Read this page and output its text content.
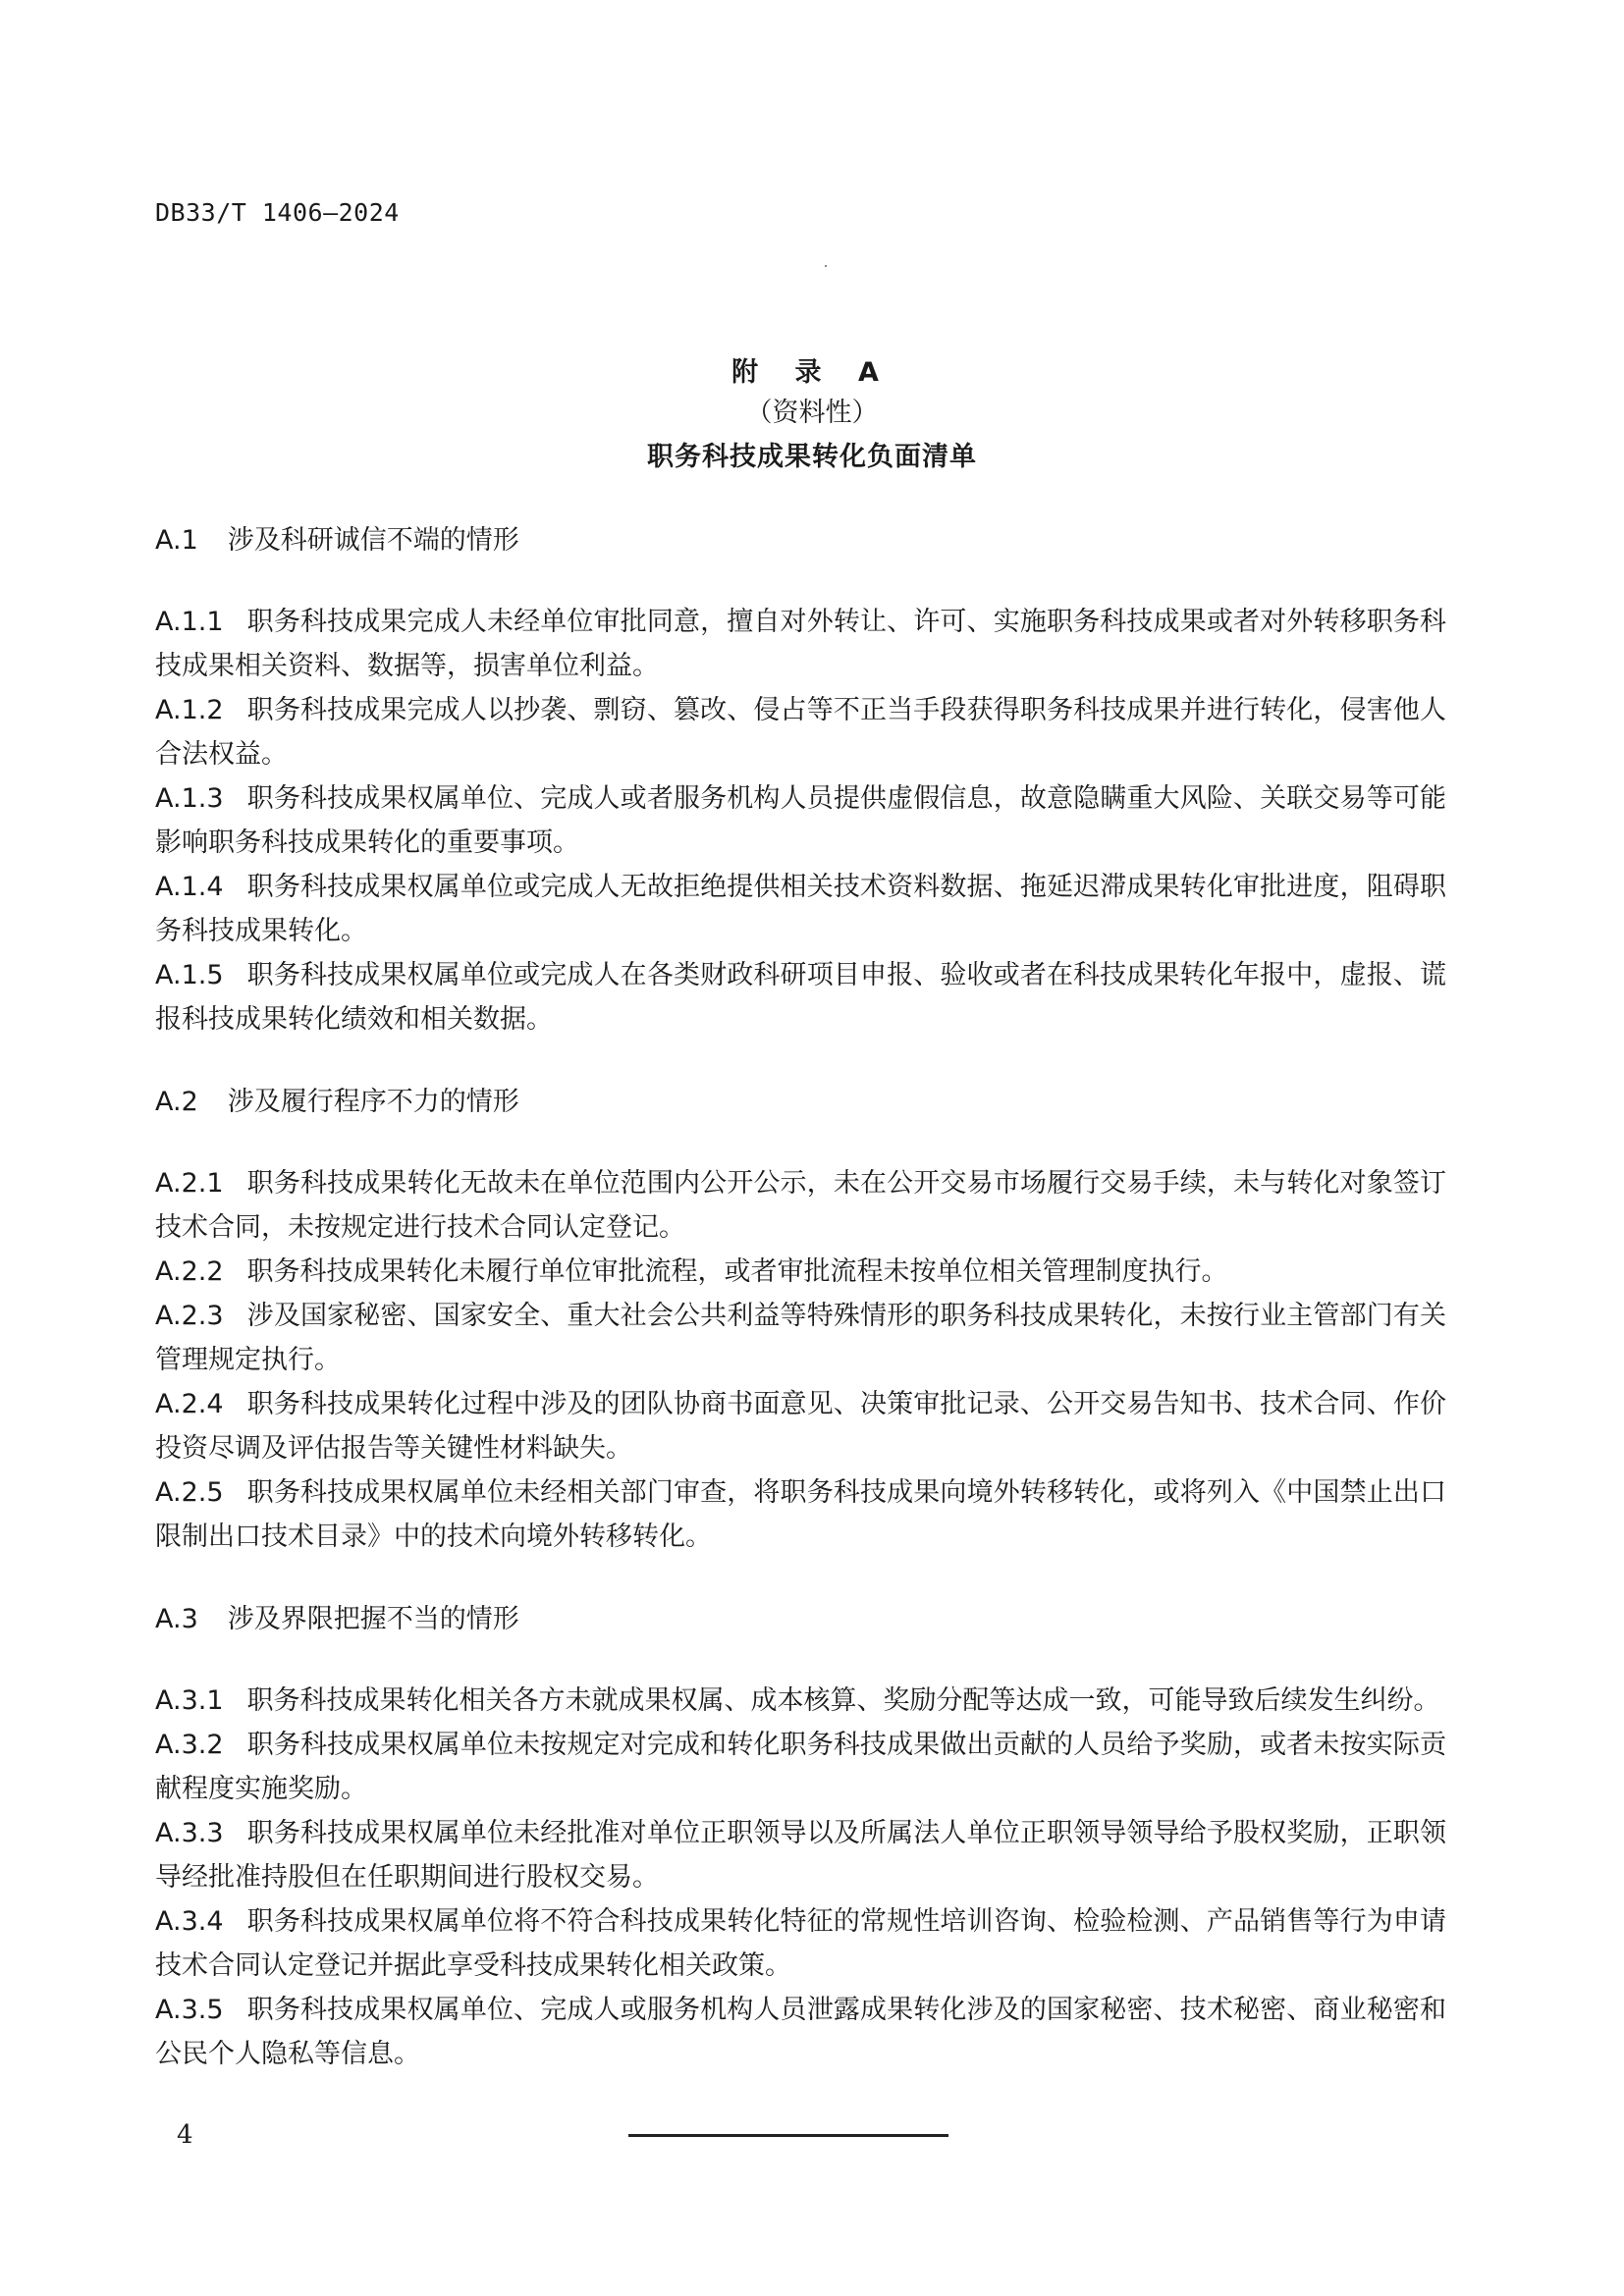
DB33/T 1406—2024
附 录 A
（资料性）
职务科技成果转化负面清单

A.1 涉及科研诚信不端的情形

A.1.1 职务科技成果完成人未经单位审批同意，擅自对外转让、许可、实施职务科技成果或者对外转移职务科技成果相关资料、数据等，损害单位利益。

A.1.2 职务科技成果完成人以抄袭、剽窃、篡改、侵占等不正当手段获得职务科技成果并进行转化，侵害他人合法权益。

A.1.3 职务科技成果权属单位、完成人或者服务机构人员提供虚假信息，故意隐瞒重大风险、关联交易等可能影响职务科技成果转化的重要事项。

A.1.4 职务科技成果权属单位或完成人无故拒绝提供相关技术资料数据、拖延迟滞成果转化审批进度，阻碍职务科技成果转化。

A.1.5 职务科技成果权属单位或完成人在各类财政科研项目申报、验收或者在科技成果转化年报中，虚报、谎报科技成果转化绩效和相关数据。

A.2 涉及履行程序不力的情形

A.2.1 职务科技成果转化无故未在单位范围内公开公示，未在公开交易市场履行交易手续，未与转化对象签订技术合同，未按规定进行技术合同认定登记。

A.2.2 职务科技成果转化未履行单位审批流程，或者审批流程未按单位相关管理制度执行。

A.2.3 涉及国家秘密、国家安全、重大社会公共利益等特殊情形的职务科技成果转化，未按行业主管部门有关管理规定执行。

A.2.4 职务科技成果转化过程中涉及的团队协商书面意见、决策审批记录、公开交易告知书、技术合同、作价投资尽调及评估报告等关键性材料缺失。

A.2.5 职务科技成果权属单位未经相关部门审查，将职务科技成果向境外转移转化，或将列入《中国禁止出口限制出口技术目录》中的技术向境外转移转化。

A.3 涉及界限把握不当的情形

A.3.1 职务科技成果转化相关各方未就成果权属、成本核算、奖励分配等达成一致，可能导致后续发生纠纷。

A.3.2 职务科技成果权属单位未按规定对完成和转化职务科技成果做出贡献的人员给予奖励，或者未按实际贡献程度实施奖励。

A.3.3 职务科技成果权属单位未经批准对单位正职领导以及所属法人单位正职领导领导给予股权奖励，正职领导经批准持股但在任职期间进行股权交易。

A.3.4 职务科技成果权属单位将不符合科技成果转化特征的常规性培训咨询、检验检测、产品销售等行为申请技术合同认定登记并据此享受科技成果转化相关政策。

A.3.5 职务科技成果权属单位、完成人或服务机构人员泄露成果转化涉及的国家秘密、技术秘密、商业秘密和公民个人隐私等信息。

4
